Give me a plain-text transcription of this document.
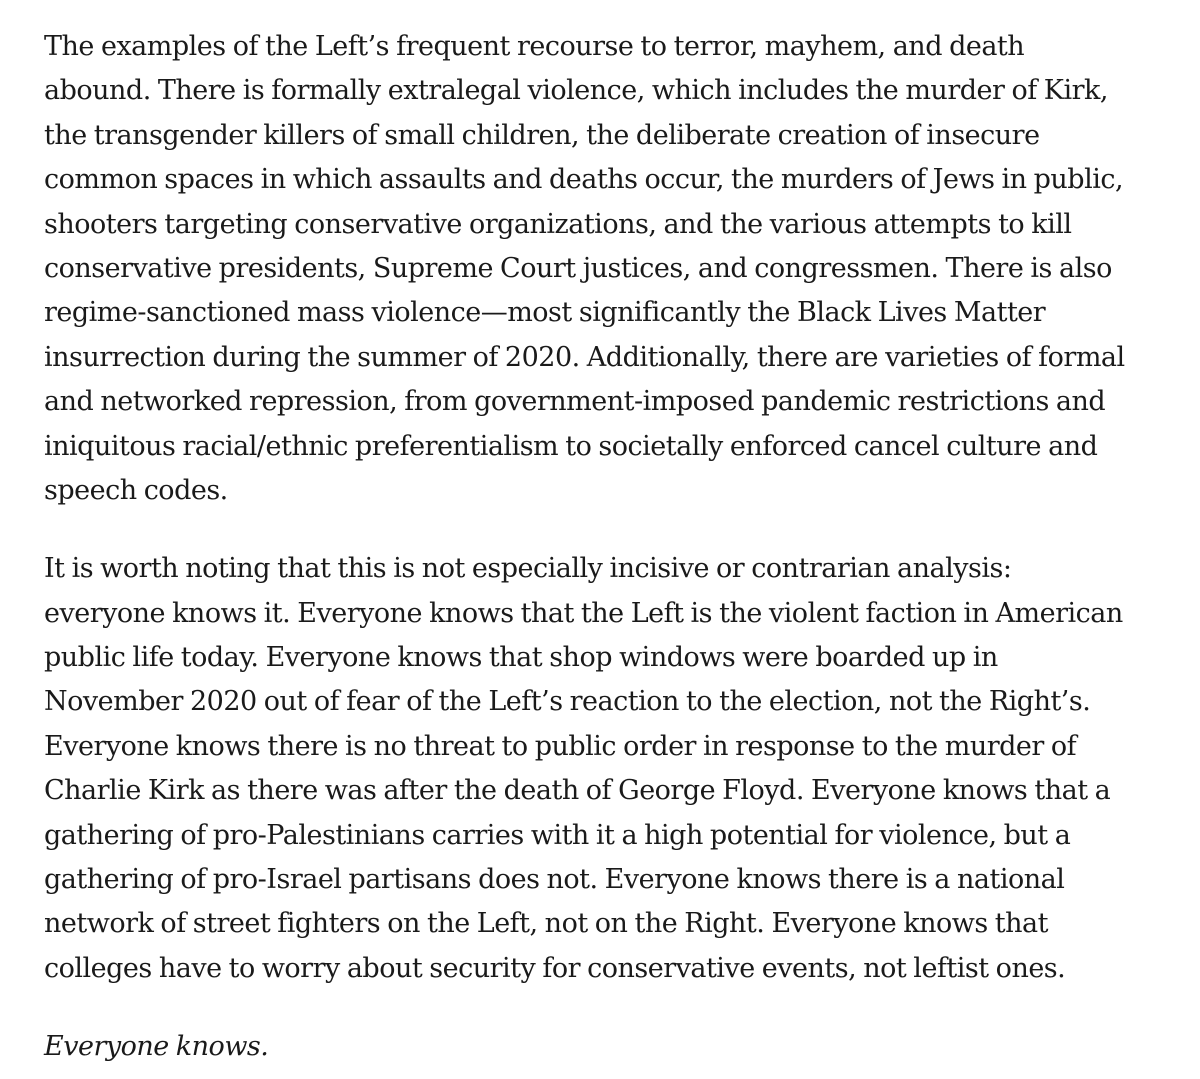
The examples of the Left’s frequent recourse to terror, mayhem, and death
abound. There is formally extralegal violence, which includes the murder of Kirk,
the transgender killers of small children, the deliberate creation of insecure
common spaces in which assaults and deaths occur, the murders of Jews in public,
shooters targeting conservative organizations, and the various attempts to kill
conservative presidents, Supreme Court justices, and congressmen. There is also
regime-sanctioned mass violence—most significantly the Black Lives Matter
insurrection during the summer of 2020. Additionally, there are varieties of formal
and networked repression, from government-imposed pandemic restrictions and
iniquitous racial/ethnic preferentialism to societally enforced cancel culture and
speech codes.

It is worth noting that this is not especially incisive or contrarian analysis:
everyone knows it. Everyone knows that the Left is the violent faction in American
public life today. Everyone knows that shop windows were boarded up in
November 2020 out of fear of the Left’s reaction to the election, not the Right’s.
Everyone knows there is no threat to public order in response to the murder of
Charlie Kirk as there was after the death of George Floyd. Everyone knows that a
gathering of pro-Palestinians carries with it a high potential for violence, but a
gathering of pro-Israel partisans does not. Everyone knows there is a national
network of street fighters on the Left, not on the Right. Everyone knows that
colleges have to worry about security for conservative events, not leftist ones.

Everyone knows.
